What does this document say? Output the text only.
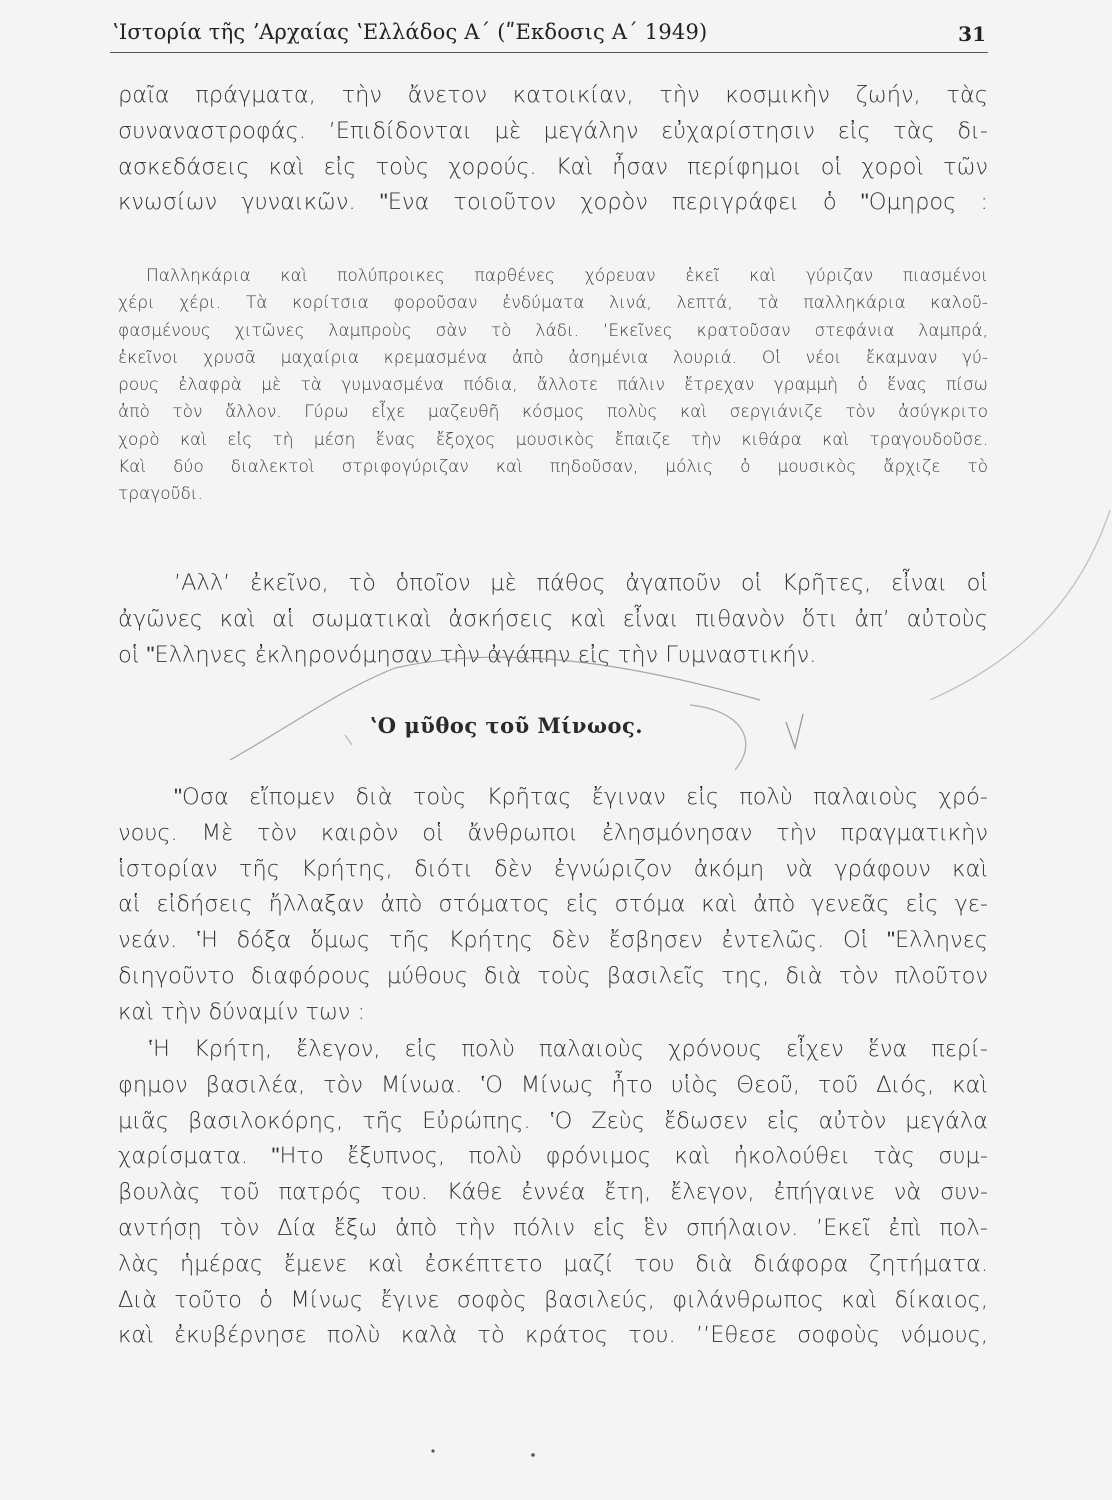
ʽΙστορία τῆς ʼΑρχαίας ʽΕλλάδος Α΄ (ʺΕκδοσις Α΄ 1949)	31
ραῖα πράγματα, τὴν ἄνετον κατοικίαν, τὴν κοσμικὴν ζωήν, τὰς
συναναστροφάς. ʼΕπιδίδονται μὲ μεγάλην εὐχαρίστησιν εἰς τὰς δι-
ασκεδάσεις καὶ εἰς τοὺς χορούς. Καὶ ἦσαν περίφημοι οἱ χοροὶ τῶν
κνωσίων γυναικῶν. ʺΕνα τοιοῦτον χορὸν περιγράφει ὁ ʺΟμηρος :
Παλληκάρια καὶ πολύπροικες παρθένες χόρευαν ἐκεῖ καὶ γύριζαν πιασμένοι
χέρι χέρι. Τὰ κορίτσια φοροῦσαν ἐνδύματα λινά, λεπτά, τὰ παλληκάρια καλοῦ-
φασμένους χιτῶνες λαμπροὺς σὰν τὸ λάδι. ʼΕκεῖνες κρατοῦσαν στεφάνια λαμπρά,
ἐκεῖνοι χρυσᾶ μαχαίρια κρεμασμένα ἀπὸ ἀσημένια λουριά. Οἱ νέοι ἔκαμναν γύ-
ρους ἐλαφρὰ μὲ τὰ γυμνασμένα πόδια, ἄλλοτε πάλιν ἔτρεχαν γραμμὴ ὁ ἕνας πίσω
ἀπὸ τὸν ἄλλον. Γύρω εἶχε μαζευθῆ κόσμος πολὺς καὶ σεργιάνιζε τὸν ἀσύγκριτο
χορὸ καὶ εἰς τὴ μέση ἕνας ἔξοχος μουσικὸς ἔπαιζε τὴν κιθάρα καὶ τραγουδοῦσε.
Καὶ δύο διαλεκτοὶ στριφογύριζαν καὶ πηδοῦσαν, μόλις ὁ μουσικὸς ἄρχιζε τὸ
τραγοῦδι.
ʼΑλλʼ ἐκεῖνο, τὸ ὁποῖον μὲ πάθος ἀγαποῦν οἱ Κρῆτες, εἶναι οἱ
ἀγῶνες καὶ αἱ σωματικαὶ ἀσκήσεις καὶ εἶναι πιθανὸν ὅτι ἀπʼ αὐτοὺς
οἱ ʺΕλληνες ἐκληρονόμησαν τὴν ἀγάπην εἰς τὴν Γυμναστικήν.
ʽΟ μῦθος τοῦ Μίνωος.
ʺΟσα εἴπομεν διὰ τοὺς Κρῆτας ἔγιναν εἰς πολὺ παλαιοὺς χρό-
νους. Μὲ τὸν καιρὸν οἱ ἄνθρωποι ἐλησμόνησαν τὴν πραγματικὴν
ἱστορίαν τῆς Κρήτης, διότι δὲν ἐγνώριζον ἀκόμη νὰ γράφουν καὶ
αἱ εἰδήσεις ἤλλαξαν ἀπὸ στόματος εἰς στόμα καὶ ἀπὸ γενεᾶς εἰς γε-
νεάν. ʽΗ δόξα ὅμως τῆς Κρήτης δὲν ἔσβησεν ἐντελῶς. Οἱ ʺΕλληνες
διηγοῦντο διαφόρους μύθους διὰ τοὺς βασιλεῖς της, διὰ τὸν πλοῦτον
καὶ τὴν δύναμίν των :
ʽΗ Κρήτη, ἔλεγον, εἰς πολὺ παλαιοὺς χρόνους εἶχεν ἕνα περί-
φημον βασιλέα, τὸν Μίνωα. ʽΟ Μίνως ἦτο υἱὸς Θεοῦ, τοῦ Διός, καὶ
μιᾶς βασιλοκόρης, τῆς Εὐρώπης. ʽΟ Ζεὺς ἔδωσεν εἰς αὐτὸν μεγάλα
χαρίσματα. ʺΗτο ἔξυπνος, πολὺ φρόνιμος καὶ ἠκολούθει τὰς συμ-
βουλὰς τοῦ πατρός του. Κάθε ἐννέα ἔτη, ἔλεγον, ἐπήγαινε νὰ συν-
αντήσῃ τὸν Δία ἔξω ἀπὸ τὴν πόλιν εἰς ἓν σπήλαιον. ʼΕκεῖ ἐπὶ πολ-
λὰς ἡμέρας ἔμενε καὶ ἐσκέπτετο μαζί του διὰ διάφορα ζητήματα.
Διὰ τοῦτο ὁ Μίνως ἔγινε σοφὸς βασιλεύς, φιλάνθρωπος καὶ δίκαιος,
καὶ ἐκυβέρνησε πολὺ καλὰ τὸ κράτος του. ʼʼΕθεσε σοφοὺς νόμους,
